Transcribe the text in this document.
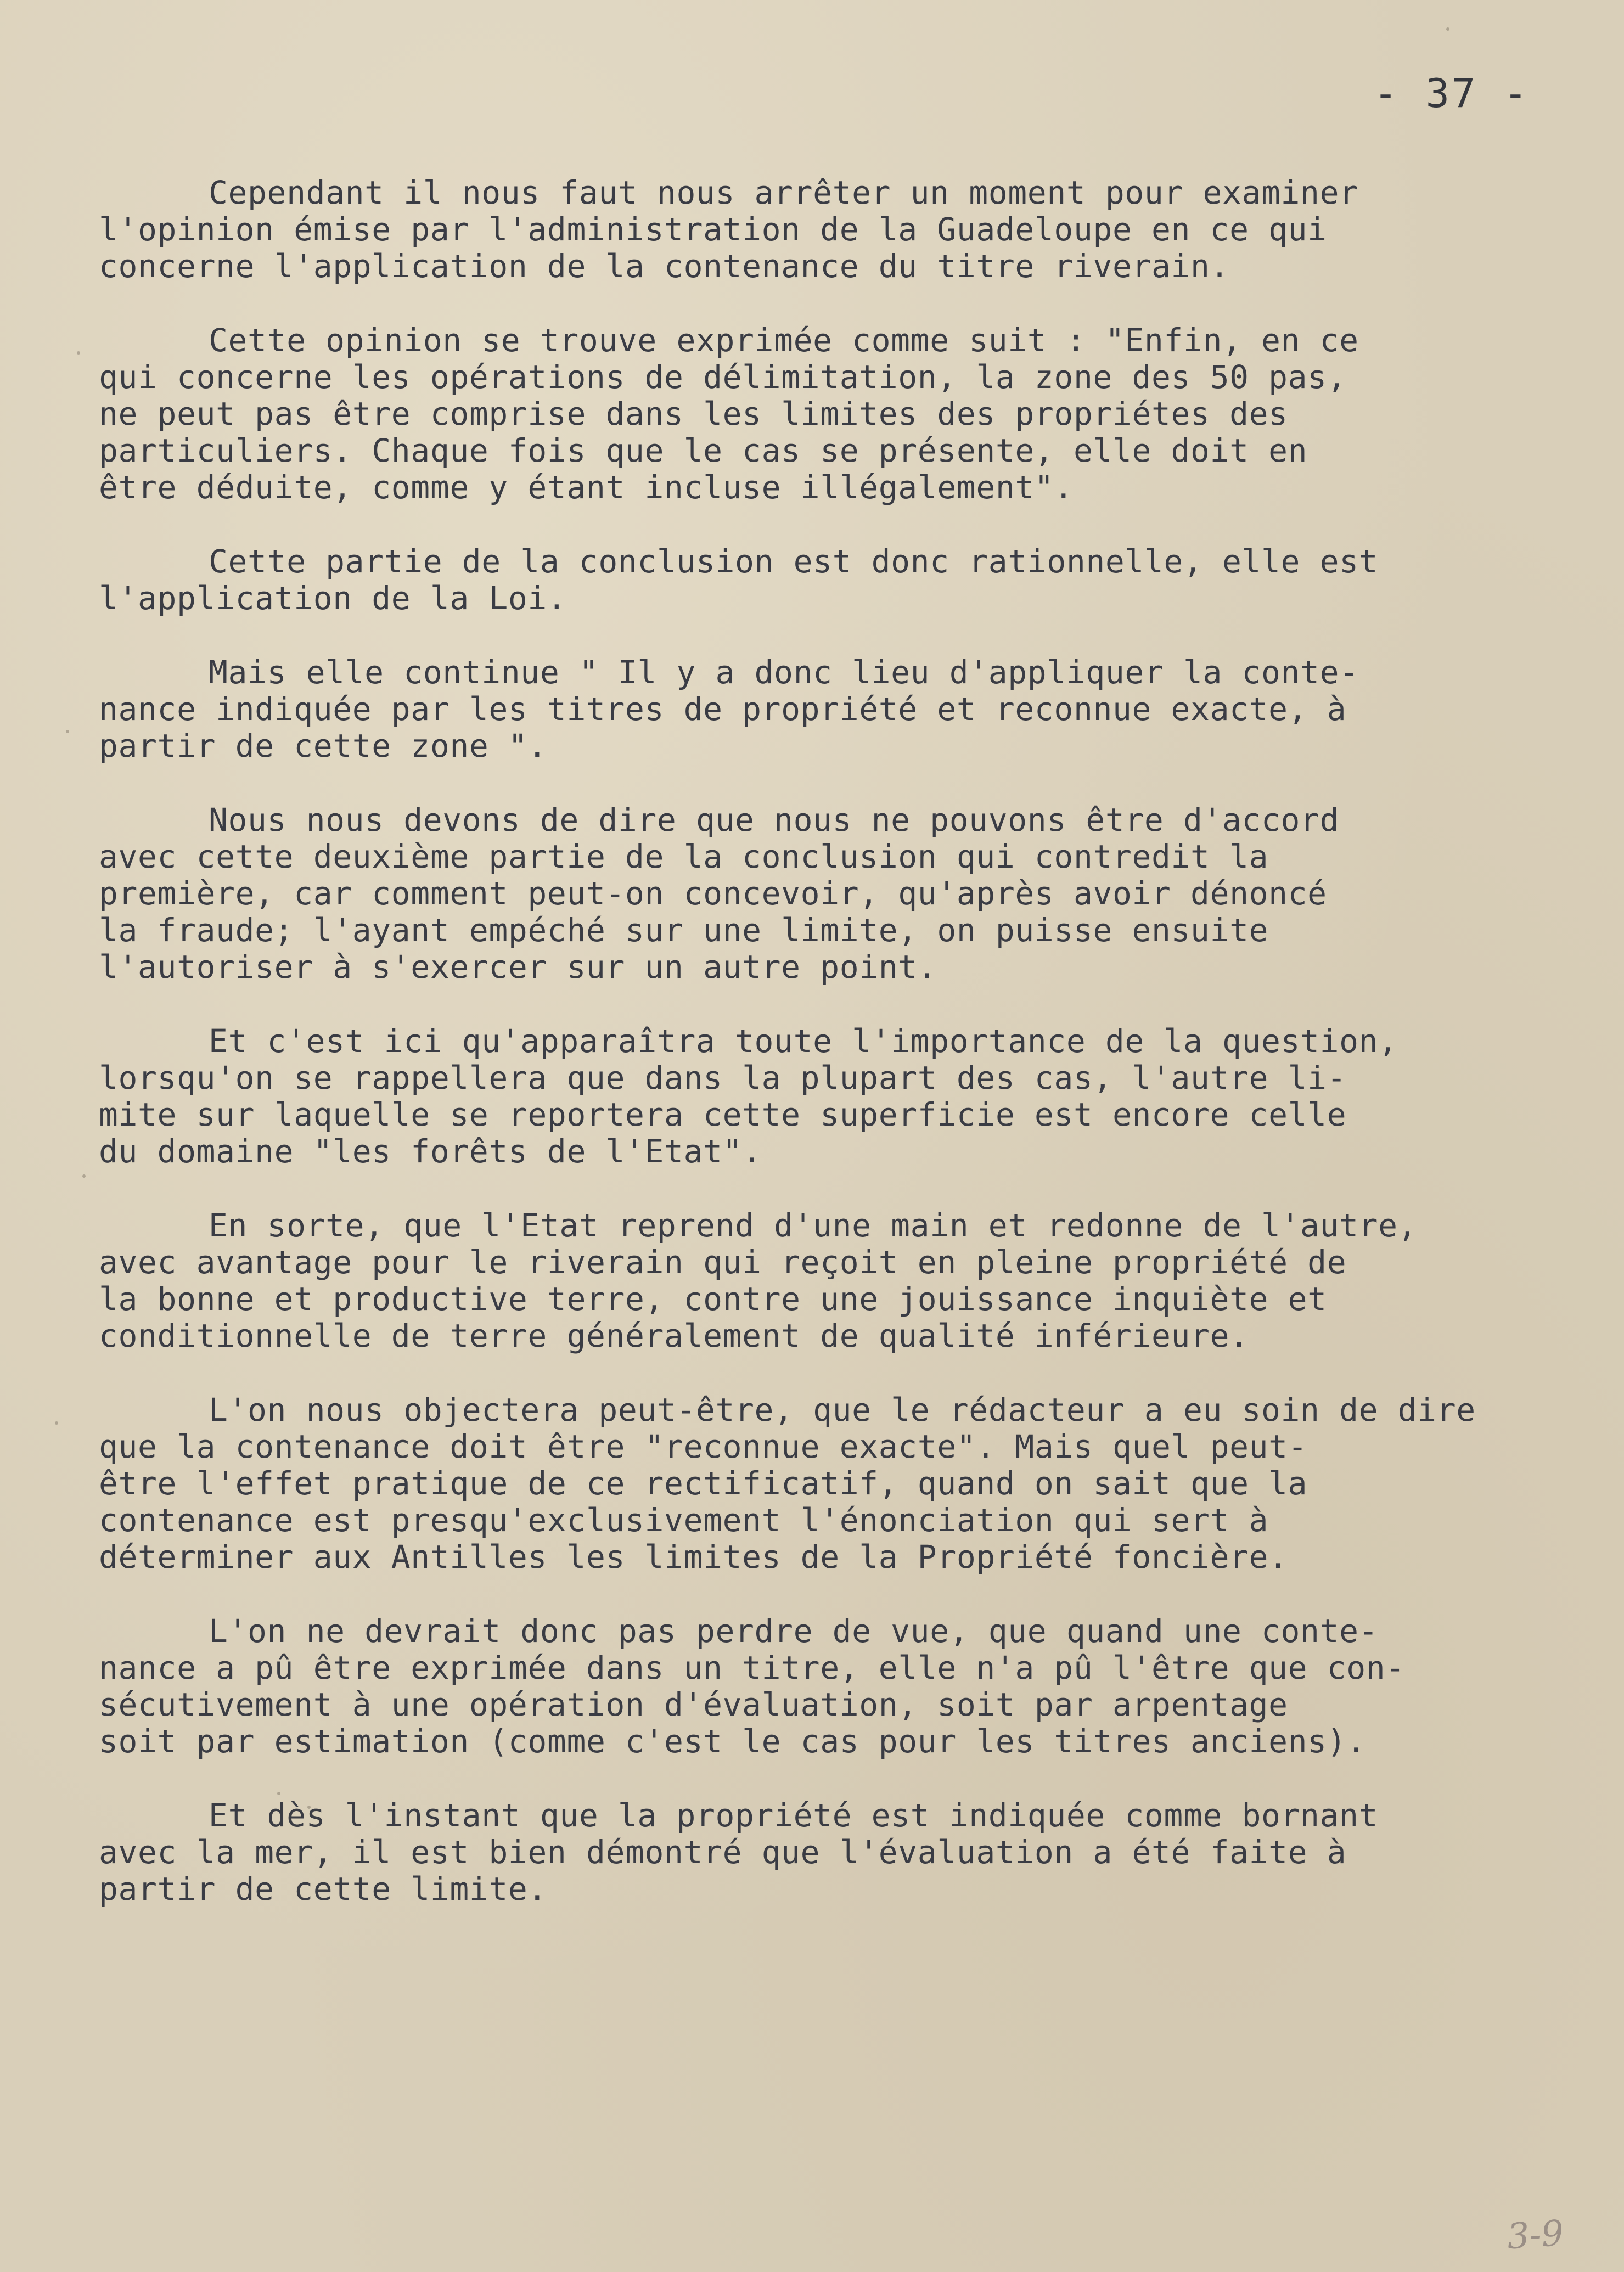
- 37 -
Cependant il nous faut nous arrêter un moment pour examiner
l'opinion émise par l'administration de la Guadeloupe en ce qui
concerne l'application de la contenance du titre riverain.
Cette opinion se trouve exprimée comme suit : "Enfin, en ce
qui concerne les opérations de délimitation, la zone des 50 pas,
ne peut pas être comprise dans les limites des propriétes des
particuliers. Chaque fois que le cas se présente, elle doit en
être déduite, comme y étant incluse illégalement".
Cette partie de la conclusion est donc rationnelle, elle est
l'application de la Loi.
Mais elle continue " Il y a donc lieu d'appliquer la conte-
nance indiquée par les titres de propriété et reconnue exacte, à
partir de cette zone ".
Nous nous devons de dire que nous ne pouvons être d'accord
avec cette deuxième partie de la conclusion qui contredit la
première, car comment peut-on concevoir, qu'après avoir dénoncé
la fraude; l'ayant empéché sur une limite, on puisse ensuite
l'autoriser à s'exercer sur un autre point.
Et c'est ici qu'apparaîtra toute l'importance de la question,
lorsqu'on se rappellera que dans la plupart des cas, l'autre li-
mite sur laquelle se reportera cette superficie est encore celle
du domaine "les forêts de l'Etat".
En sorte, que l'Etat reprend d'une main et redonne de l'autre,
avec avantage pour le riverain qui reçoit en pleine propriété de
la bonne et productive terre, contre une jouissance inquiète et
conditionnelle de terre généralement de qualité inférieure.
L'on nous objectera peut-être, que le rédacteur a eu soin de dire
que la contenance doit être "reconnue exacte". Mais quel peut-
être l'effet pratique de ce rectificatif, quand on sait que la
contenance est presqu'exclusivement l'énonciation qui sert à
déterminer aux Antilles les limites de la Propriété foncière.
L'on ne devrait donc pas perdre de vue, que quand une conte-
nance a pû être exprimée dans un titre, elle n'a pû l'être que con-
sécutivement à une opération d'évaluation, soit par arpentage
soit par estimation (comme c'est le cas pour les titres anciens).
Et dès l'instant que la propriété est indiquée comme bornant
avec la mer, il est bien démontré que l'évaluation a été faite à
partir de cette limite.
3-9
